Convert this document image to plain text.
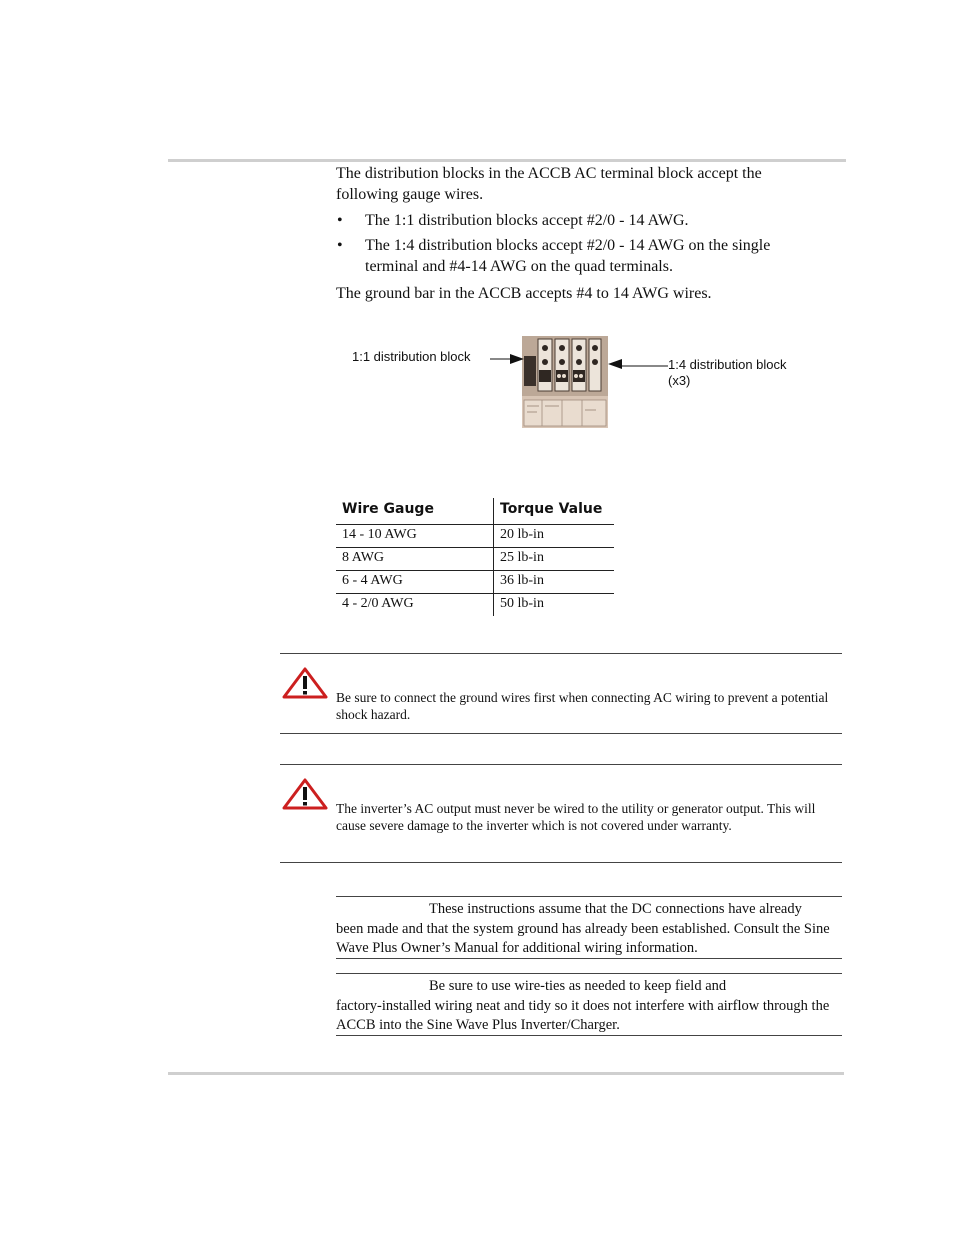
The distribution blocks in the ACCB AC terminal block accept the following gauge wires.
• The 1:1 distribution blocks accept #2/0 - 14 AWG.
• The 1:4 distribution blocks accept #2/0 - 14 AWG on the single terminal and #4-14 AWG on the quad terminals.
The ground bar in the ACCB accepts #4 to 14 AWG wires.
1:1 distribution block
1:4 distribution block
(x3)
Wire Gauge	Torque Value
14 - 10 AWG	20 lb-in
8 AWG	25 lb-in
6 - 4 AWG	36 lb-in
4 - 2/0 AWG	50 lb-in
Be sure to connect the ground wires first when connecting AC wiring to prevent a potential shock hazard.
The inverter’s AC output must never be wired to the utility or generator output. This will cause severe damage to the inverter which is not covered under warranty.
These instructions assume that the DC connections have already
been made and that the system ground has already been established. Consult the Sine Wave Plus Owner’s Manual for additional wiring information.
Be sure to use wire-ties as needed to keep field and
factory-installed wiring neat and tidy so it does not interfere with airflow through the ACCB into the Sine Wave Plus Inverter/Charger.
